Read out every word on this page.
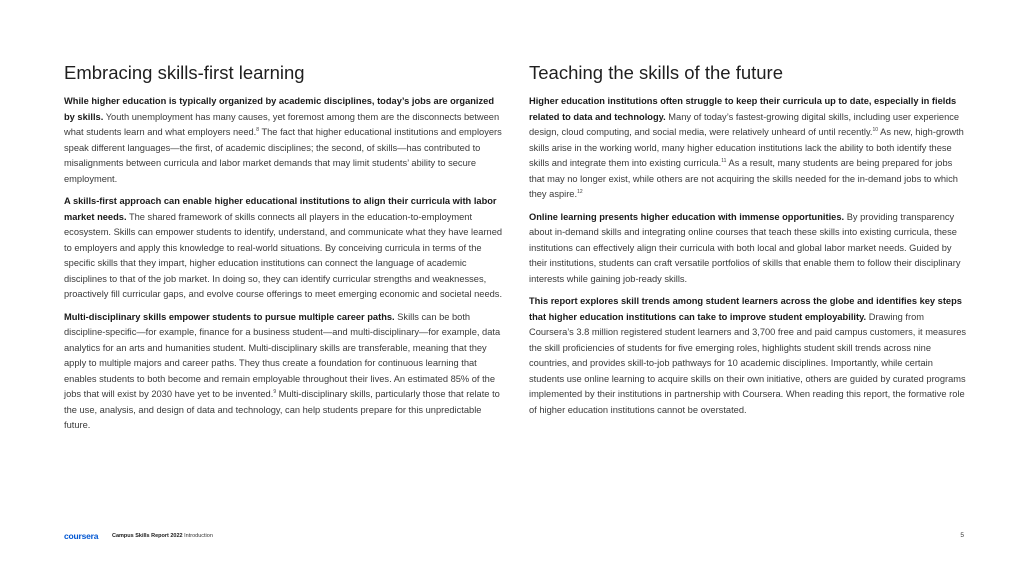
Embracing skills-first learning

While higher education is typically organized by academic disciplines, today’s jobs are organized by skills. Youth unemployment has many causes, yet foremost among them are the disconnects between what students learn and what employers need.$^8$ The fact that higher educational institutions and employers speak different languages—the first, of academic disciplines; the second, of skills—has contributed to misalignments between curricula and labor market demands that may limit students’ ability to secure employment.

A skills-first approach can enable higher educational institutions to align their curricula with labor market needs. The shared framework of skills connects all players in the education-to-employment ecosystem. Skills can empower students to identify, understand, and communicate what they have learned to employers and apply this knowledge to real-world situations. By conceiving curricula in terms of the specific skills that they impart, higher education institutions can connect the language of academic disciplines to that of the job market. In doing so, they can identify curricular strengths and weaknesses, proactively fill curricular gaps, and evolve course offerings to meet emerging economic and societal needs.

Multi-disciplinary skills empower students to pursue multiple career paths. Skills can be both discipline-specific—for example, finance for a business student—and multi-disciplinary—for example, data analytics for an arts and humanities student. Multi-disciplinary skills are transferable, meaning that they apply to multiple majors and career paths. They thus create a foundation for continuous learning that enables students to both become and remain employable throughout their lives. An estimated 85% of the jobs that will exist by 2030 have yet to be invented.$^9$ Multi-disciplinary skills, particularly those that relate to the use, analysis, and design of data and technology, can help students prepare for this unpredictable future.

Teaching the skills of the future

Higher education institutions often struggle to keep their curricula up to date, especially in fields related to data and technology. Many of today’s fastest-growing digital skills, including user experience design, cloud computing, and social media, were relatively unheard of until recently.$^{10}$ As new, high-growth skills arise in the working world, many higher education institutions lack the ability to both identify these skills and integrate them into existing curricula.$^{11}$ As a result, many students are being prepared for jobs that may no longer exist, while others are not acquiring the skills needed for the in-demand jobs to which they aspire.$^{12}$

Online learning presents higher education with immense opportunities. By providing transparency about in-demand skills and integrating online courses that teach these skills into existing curricula, these institutions can effectively align their curricula with both local and global labor market needs. Guided by their institutions, students can craft versatile portfolios of skills that enable them to follow their disciplinary interests while gaining job-ready skills.

This report explores skill trends among student learners across the globe and identifies key steps that higher education institutions can take to improve student employability. Drawing from Coursera’s 3.8 million registered student learners and 3,700 free and paid campus customers, it measures the skill proficiencies of students for five emerging roles, highlights student skill trends across nine countries, and provides skill-to-job pathways for 10 academic disciplines. Importantly, while certain students use online learning to acquire skills on their own initiative, others are guided by curated programs implemented by their institutions in partnership with Coursera. When reading this report, the formative role of higher education institutions cannot be overstated.

coursera Campus Skills Report 2022 Introduction	5
